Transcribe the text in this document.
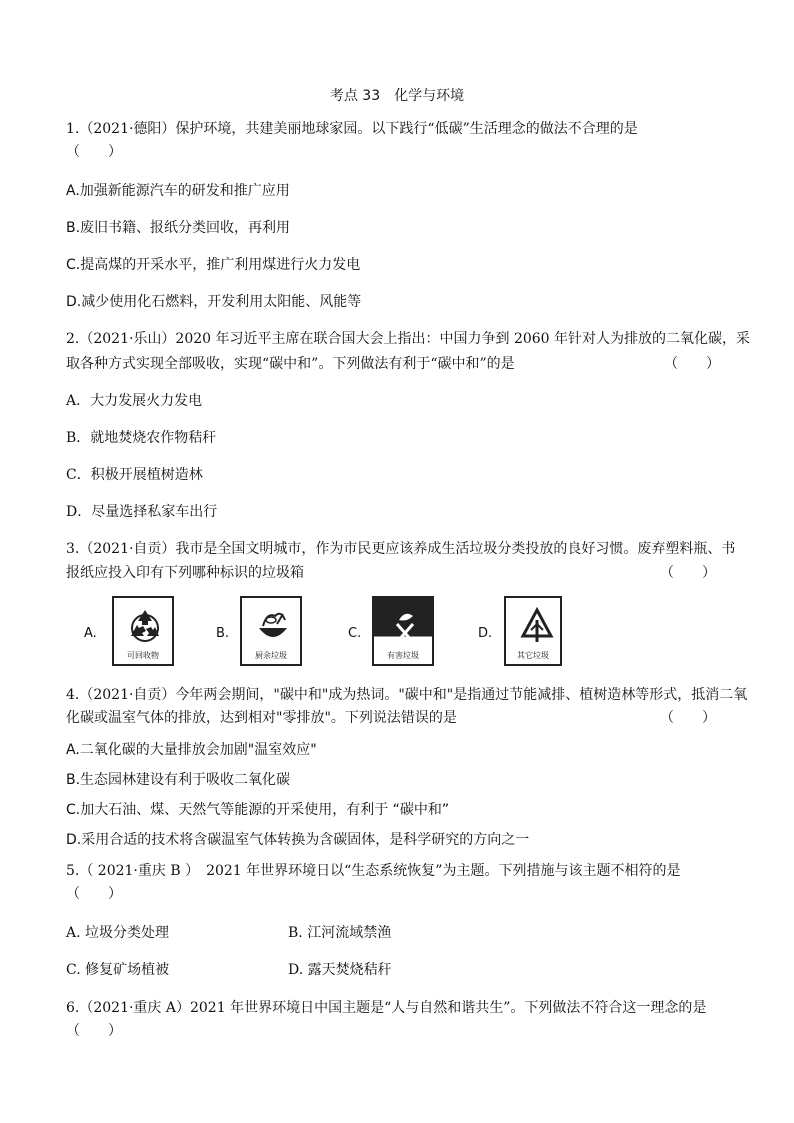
考点 33　化学与环境
1.（2021·德阳）保护环境，共建美丽地球家园。以下践行“低碳”生活理念的做法不合理的是
（　　）
A.加强新能源汽车的研发和推广应用
B.废旧书籍、报纸分类回收，再利用
C.提高煤的开采水平，推广利用煤进行火力发电
D.减少使用化石燃料，开发利用太阳能、风能等
2.（2021·乐山）2020 年习近平主席在联合国大会上指出：中国力争到 2060 年针对人为排放的二氧化碳，采
取各种方式实现全部吸收，实现“碳中和”。下列做法有利于“碳中和”的是	（　　）
A．大力发展火力发电
B．就地焚烧农作物秸秆
C．积极开展植树造林
D．尽量选择私家车出行
3.（2021·自贡）我市是全国文明城市，作为市民更应该养成生活垃圾分类投放的良好习惯。废弃塑料瓶、书
报纸应投入印有下列哪种标识的垃圾箱	（　　）
A.
可回收物
B.
厨余垃圾
C.
有害垃圾
D.
其它垃圾
4.（2021·自贡）今年两会期间，"碳中和"成为热词。"碳中和"是指通过节能减排、植树造林等形式，抵消二氧
化碳或温室气体的排放，达到相对"零排放"。下列说法错误的是	（　　）
A.二氧化碳的大量排放会加剧"温室效应"
B.生态园林建设有利于吸收二氧化碳
C.加大石油、煤、天然气等能源的开采使用，有利于 “碳中和”
D.采用合适的技术将含碳温室气体转换为含碳固体，是科学研究的方向之一
5.（ 2021·重庆 B ）　2021 年世界环境日以“生态系统恢复”为主题。下列措施与该主题不相符的是
（　　）
A. 垃圾分类处理	B. 江河流域禁渔
C. 修复矿场植被	D. 露天焚烧秸秆
6.（2021·重庆 A）2021 年世界环境日中国主题是“人与自然和谐共生”。下列做法不符合这一理念的是
（　　）
